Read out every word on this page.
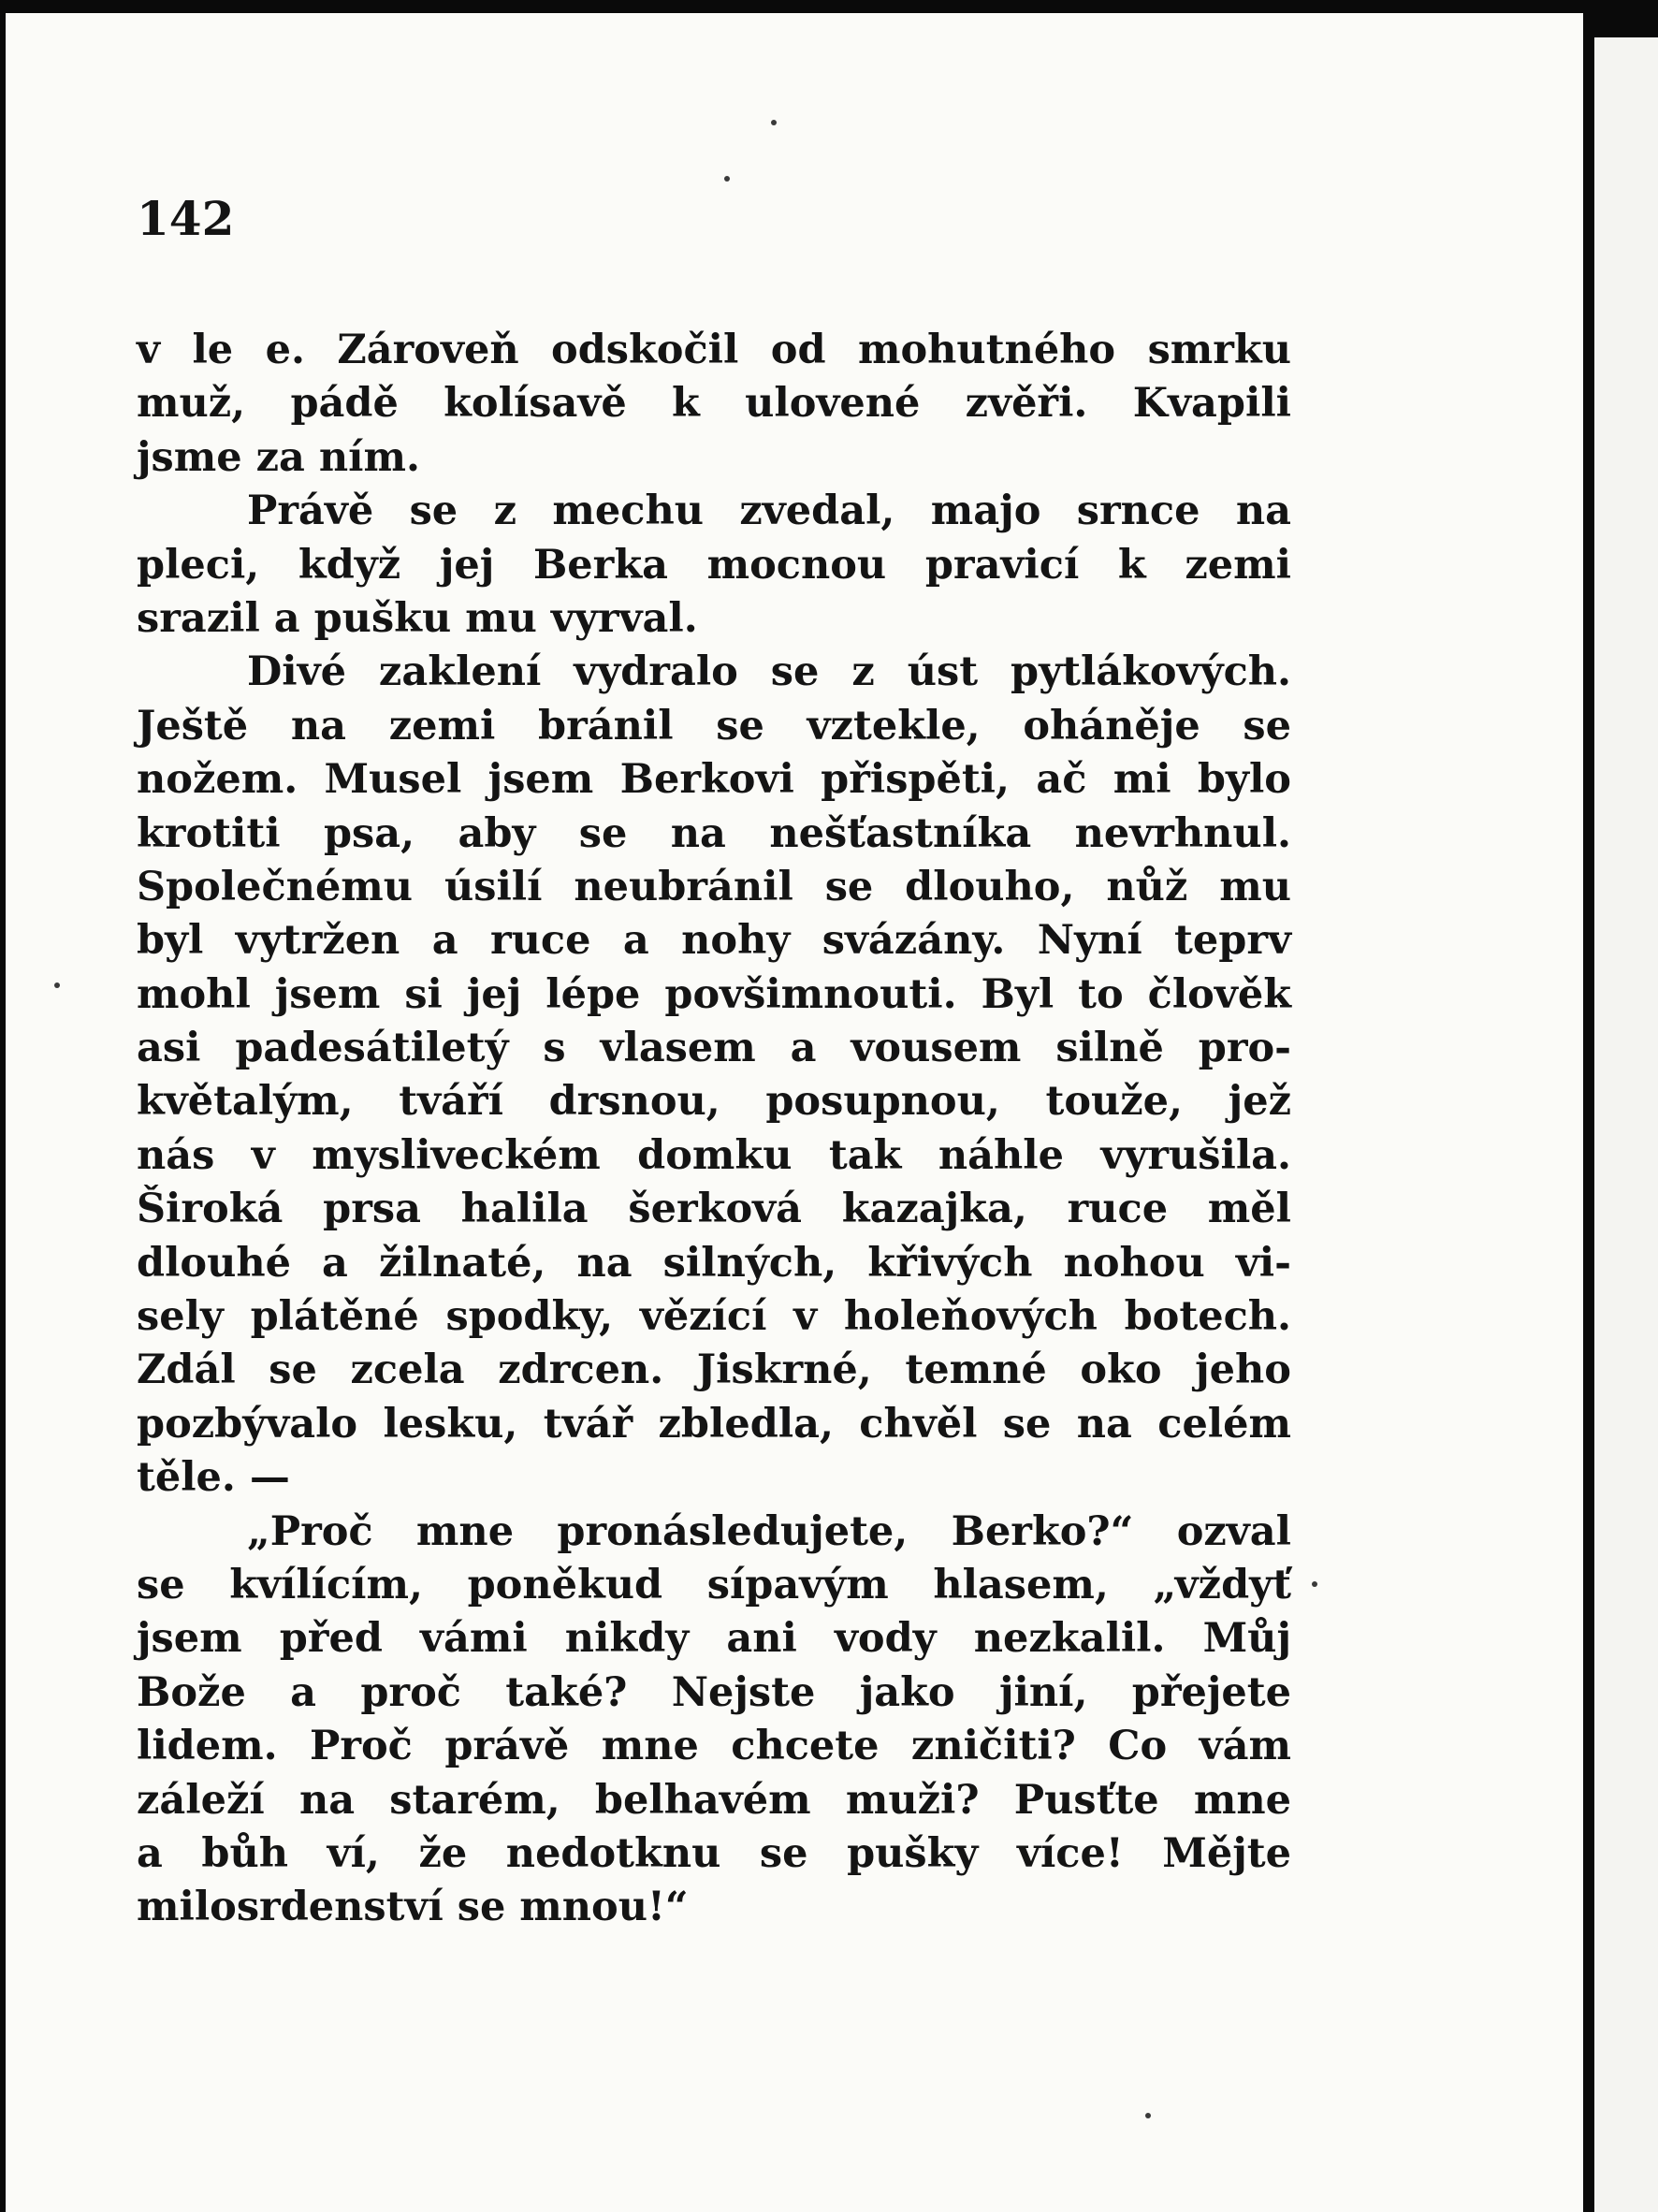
142

v le e. Zároveň odskočil od mohutného smrku
muž, pádě kolísavě k ulovené zvěři. Kvapili
jsme za ním.

Právě se z mechu zvedal, majo srnce na
pleci, když jej Berka mocnou pravicí k zemi
srazil a pušku mu vyrval.

Divé zaklení vydralo se z úst pytlákových.
Ještě na zemi bránil se vztekle, oháněje se
nožem. Musel jsem Berkovi přispěti, ač mi bylo
krotiti psa, aby se na nešťastníka nevrhnul.
Společnému úsilí neubránil se dlouho, nůž mu
byl vytržen a ruce a nohy svázány. Nyní teprv
mohl jsem si jej lépe povšimnouti. Byl to člověk
asi padesátiletý s vlasem a vousem silně pro-
květalým, tváří drsnou, posupnou, touže, jež
nás v mysliveckém domku tak náhle vyrušila.
Široká prsa halila šerková kazajka, ruce měl
dlouhé a žilnaté, na silných, křivých nohou vi-
sely plátěné spodky, vězící v holeňových botech.
Zdál se zcela zdrcen. Jiskrné, temné oko jeho
pozbývalo lesku, tvář zbledla, chvěl se na celém
těle. —

„Proč mne pronásledujete, Berko?“ ozval
se kvílícím, poněkud sípavým hlasem, „vždyť
jsem před vámi nikdy ani vody nezkalil. Můj
Bože a proč také? Nejste jako jiní, přejete
lidem. Proč právě mne chcete zničiti? Co vám
záleží na starém, belhavém muži? Pusťte mne
a bůh ví, že nedotknu se pušky více! Mějte
milosrdenství se mnou!“
